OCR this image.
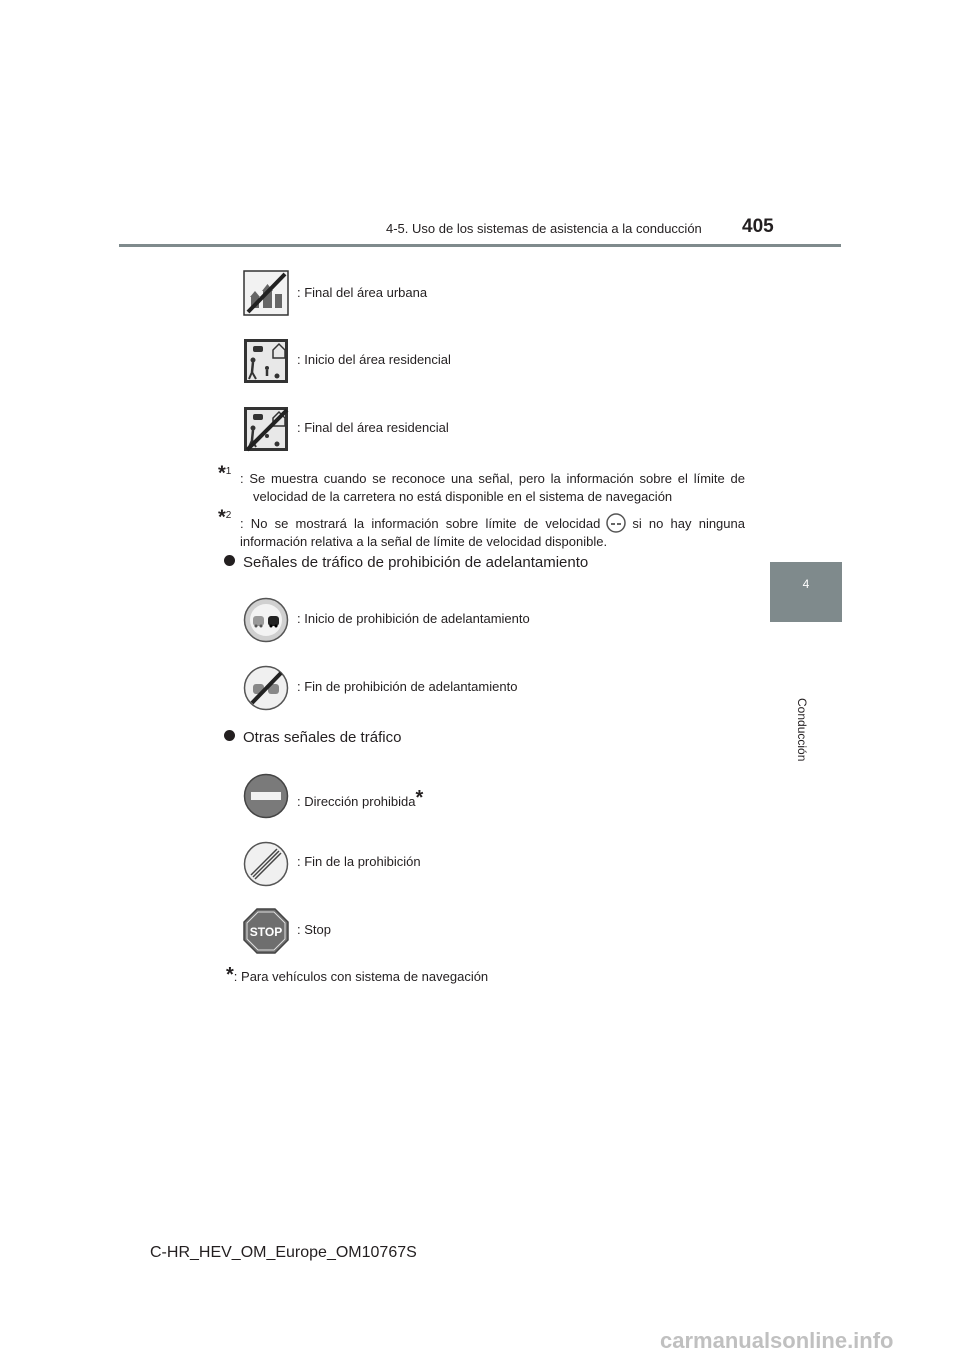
4-5. Uso de los sistemas de asistencia a la conducción 405
4
Conducción
: Final del área urbana
: Inicio del área residencial
: Final del área residencial
*$^1$ : Se muestra cuando se reconoce una señal, pero la información sobre el límite de velocidad de la carretera no está disponible en el sistema de navegación
*$^2$
: No se mostrará la información sobre límite de velocidad si no hay ninguna información relativa a la señal de límite de velocidad disponible.
Señales de tráfico de prohibición de adelantamiento
: Inicio de prohibición de adelantamiento
: Fin de prohibición de adelantamiento
Otras señales de tráfico
: Dirección prohibida*
: Fin de la prohibición
STOP : Stop
*: Para vehículos con sistema de navegación
C-HR_HEV_OM_Europe_OM10767S
carmanualsonline.info
